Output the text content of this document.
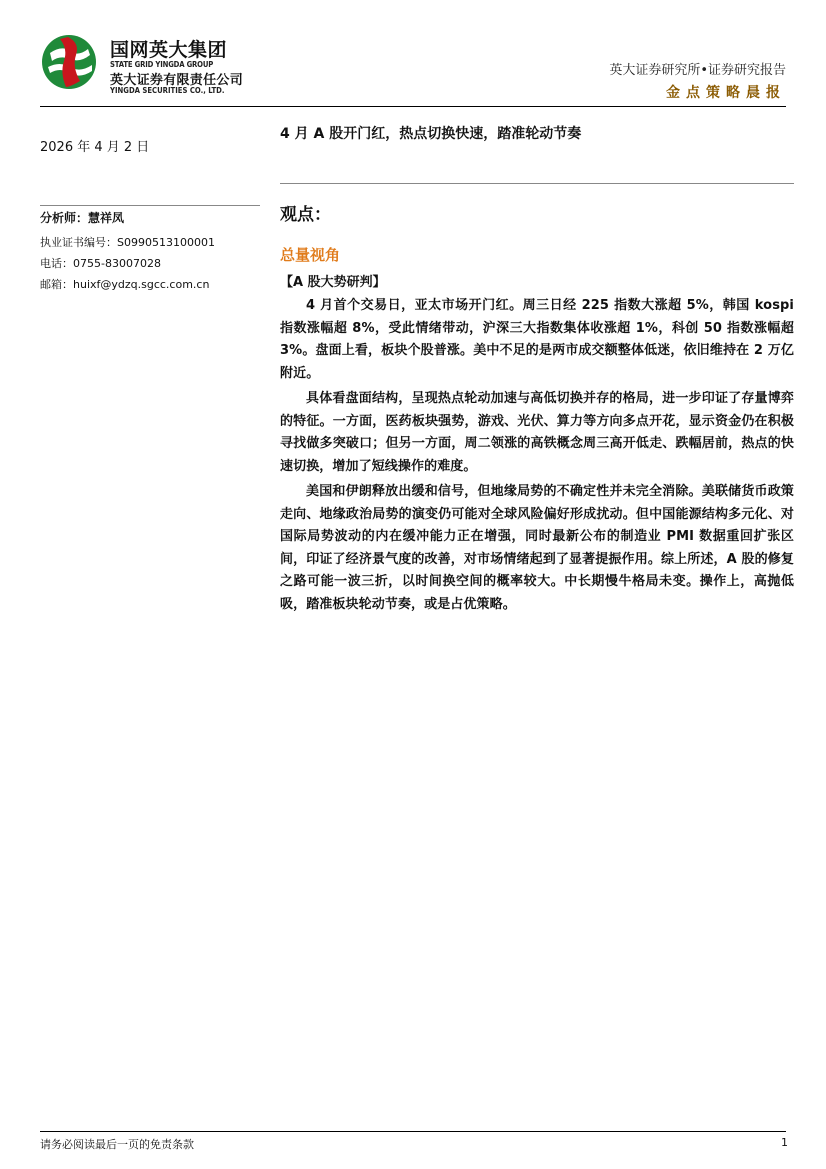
国网英大集团
STATE GRID YINGDA GROUP
英大证券有限责任公司
YINGDA SECURITIES CO., LTD.
英大证券研究所•证券研究报告
金点策略晨报
2026 年 4 月 2 日
4 月 A 股开门红，热点切换快速，踏准轮动节奏
分析师：慧祥凤
执业证书编号：S0990513100001
电话：0755-83007028
邮箱：huixf@ydzq.sgcc.com.cn
观点：
总量视角
【A 股大势研判】

4 月首个交易日，亚太市场开门红。周三日经 225 指数大涨超 5%，韩国 kospi 指数涨幅超 8%，受此情绪带动，沪深三大指数集体收涨超 1%，科创 50 指数涨幅超 3%。盘面上看，板块个股普涨。美中不足的是两市成交额整体低迷，依旧维持在 2 万亿附近。

具体看盘面结构，呈现热点轮动加速与高低切换并存的格局，进一步印证了存量博弈的特征。一方面，医药板块强势，游戏、光伏、算力等方向多点开花，显示资金仍在积极寻找做多突破口；但另一方面，周二领涨的高铁概念周三高开低走、跌幅居前，热点的快速切换，增加了短线操作的难度。

美国和伊朗释放出缓和信号，但地缘局势的不确定性并未完全消除。美联储货币政策走向、地缘政治局势的演变仍可能对全球风险偏好形成扰动。但中国能源结构多元化、对国际局势波动的内在缓冲能力正在增强，同时最新公布的制造业 PMI 数据重回扩张区间，印证了经济景气度的改善，对市场情绪起到了显著提振作用。综上所述，A 股的修复之路可能一波三折，以时间换空间的概率较大。中长期慢牛格局未变。操作上，高抛低吸，踏准板块轮动节奏，或是占优策略。

请务必阅读最后一页的免责条款	1
